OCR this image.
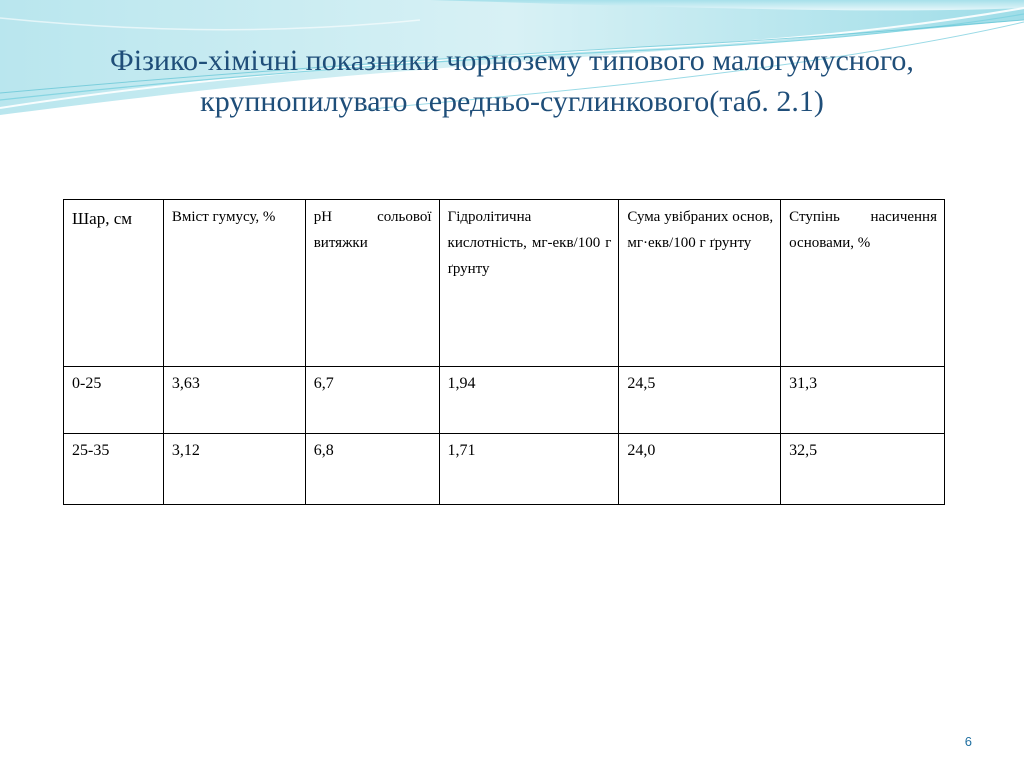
Фізико-хімічні показники чорнозему типового малогумусного,
крупнопилувато середньо-суглинкового(таб. 2.1)
Шар, см	Вміст гумусу, %	pH сольової витяжки	Гідролітична кислотність, мг-екв/100 г ґрунту	Сума увібраних основ, мг·екв/100 г ґрунту	Ступінь насичення основами, %

0-25	3,63	6,7	1,94	24,5	31,3

25-35	3,12	6,8	1,71	24,0	32,5
6
